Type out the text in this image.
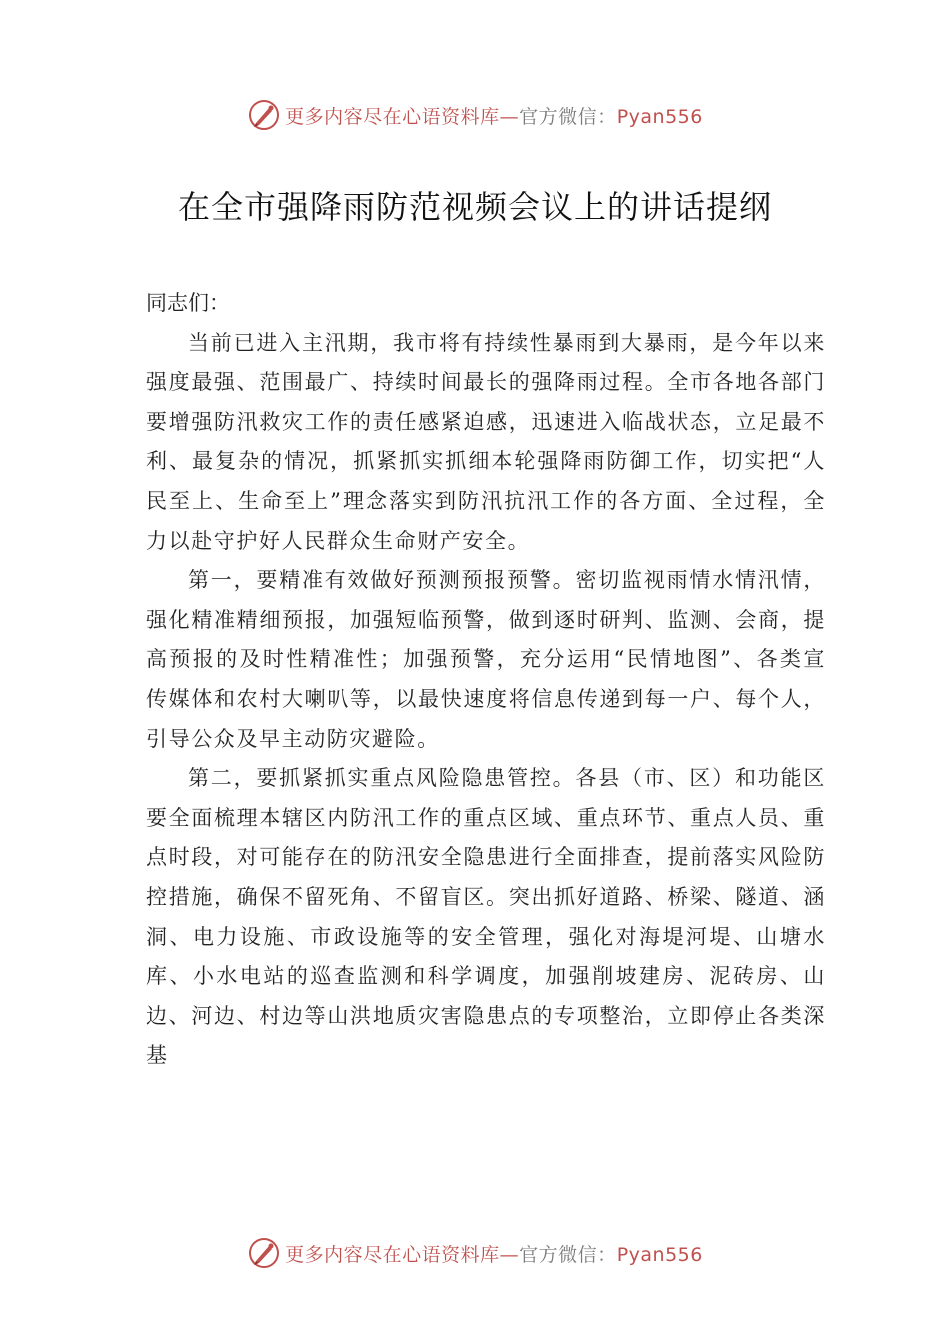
更多内容尽在心语资料库—官方微信：Pyan556
在全市强降雨防范视频会议上的讲话提纲

同志们：

当前已进入主汛期，我市将有持续性暴雨到大暴雨，是今年以来强度最强、范围最广、持续时间最长的强降雨过程。全市各地各部门要增强防汛救灾工作的责任感紧迫感，迅速进入临战状态，立足最不利、最复杂的情况，抓紧抓实抓细本轮强降雨防御工作，切实把“人民至上、生命至上”理念落实到防汛抗汛工作的各方面、全过程，全力以赴守护好人民群众生命财产安全。

第一，要精准有效做好预测预报预警。密切监视雨情水情汛情，强化精准精细预报，加强短临预警，做到逐时研判、监测、会商，提高预报的及时性精准性；加强预警，充分运用“民情地图”、各类宣传媒体和农村大喇叭等，以最快速度将信息传递到每一户、每个人，引导公众及早主动防灾避险。

第二，要抓紧抓实重点风险隐患管控。各县（市、区）和功能区要全面梳理本辖区内防汛工作的重点区域、重点环节、重点人员、重点时段，对可能存在的防汛安全隐患进行全面排查，提前落实风险防控措施，确保不留死角、不留盲区。突出抓好道路、桥梁、隧道、涵洞、电力设施、市政设施等的安全管理，强化对海堤河堤、山塘水库、小水电站的巡查监测和科学调度，加强削坡建房、泥砖房、山边、河边、村边等山洪地质灾害隐患点的专项整治，立即停止各类深基

更多内容尽在心语资料库—官方微信：Pyan556
